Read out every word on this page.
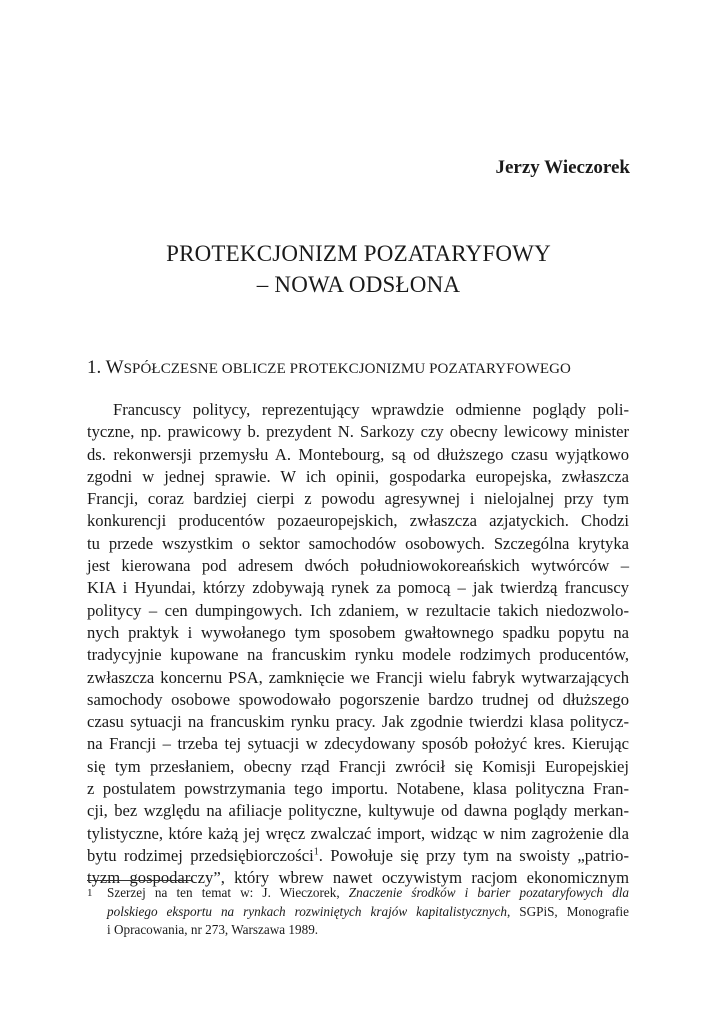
Jerzy Wieczorek

PROTEKCJONIZM POZATARYFOWY
– NOWA ODSŁONA
1. WSPÓŁCZESNE OBLICZE PROTEKCJONIZMU POZATARYFOWEGO
Francuscy politycy, reprezentujący wprawdzie odmienne poglądy poli-
tyczne, np. prawicowy b. prezydent N. Sarkozy czy obecny lewicowy minister
ds. rekonwersji przemysłu A. Montebourg, są od dłuższego czasu wyjątkowo
zgodni w jednej sprawie. W ich opinii, gospodarka europejska, zwłaszcza
Francji, coraz bardziej cierpi z powodu agresywnej i nielojalnej przy tym
konkurencji producentów pozaeuropejskich, zwłaszcza azjatyckich. Chodzi
tu przede wszystkim o sektor samochodów osobowych. Szczególna krytyka
jest kierowana pod adresem dwóch południowokoreańskich wytwórców –
KIA i Hyundai, którzy zdobywają rynek za pomocą – jak twierdzą francuscy
politycy – cen dumpingowych. Ich zdaniem, w rezultacie takich niedozwolo-
nych praktyk i wywołanego tym sposobem gwałtownego spadku popytu na
tradycyjnie kupowane na francuskim rynku modele rodzimych producentów,
zwłaszcza koncernu PSA, zamknięcie we Francji wielu fabryk wytwarzających
samochody osobowe spowodowało pogorszenie bardzo trudnej od dłuższego
czasu sytuacji na francuskim rynku pracy. Jak zgodnie twierdzi klasa politycz-
na Francji – trzeba tej sytuacji w zdecydowany sposób położyć kres. Kierując
się tym przesłaniem, obecny rząd Francji zwrócił się Komisji Europejskiej
z postulatem powstrzymania tego importu. Notabene, klasa polityczna Fran-
cji, bez względu na afiliacje polityczne, kultywuje od dawna poglądy merkan-
tylistyczne, które każą jej wręcz zwalczać import, widząc w nim zagrożenie dla
bytu rodzimej przedsiębiorczości$^1$. Powołuje się przy tym na swoisty „patrio-
tyzm gospodarczy”, który wbrew nawet oczywistym racjom ekonomicznym
1 Szerzej na ten temat w: J. Wieczorek, Znaczenie środków i barier pozataryfowych dla
polskiego eksportu na rynkach rozwiniętych krajów kapitalistycznych, SGPiS, Monografie
i Opracowania, nr 273, Warszawa 1989.
